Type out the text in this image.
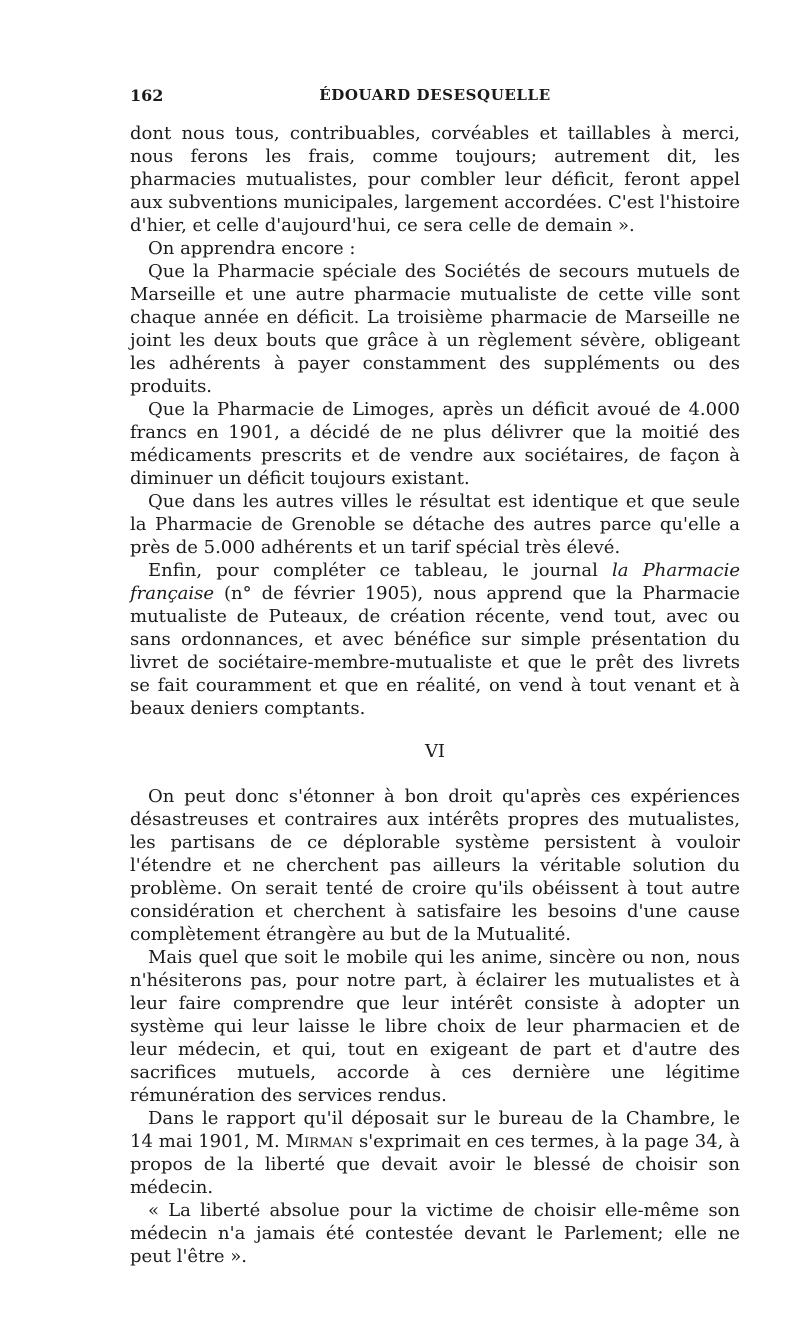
162	ÉDOUARD DESESQUELLE

dont nous tous, contribuables, corvéables et taillables à merci, nous ferons les frais, comme toujours; autrement dit, les pharmacies mutualistes, pour combler leur déficit, feront appel aux subventions municipales, largement accordées. C'est l'histoire d'hier, et celle d'aujourd'hui, ce sera celle de demain ».

On apprendra encore :

Que la Pharmacie spéciale des Sociétés de secours mutuels de Marseille et une autre pharmacie mutualiste de cette ville sont chaque année en déficit. La troisième pharmacie de Marseille ne joint les deux bouts que grâce à un règlement sévère, obligeant les adhérents à payer constamment des suppléments ou des produits.

Que la Pharmacie de Limoges, après un déficit avoué de 4.000 francs en 1901, a décidé de ne plus délivrer que la moitié des médicaments prescrits et de vendre aux sociétaires, de façon à diminuer un déficit toujours existant.

Que dans les autres villes le résultat est identique et que seule la Pharmacie de Grenoble se détache des autres parce qu'elle a près de 5.000 adhérents et un tarif spécial très élevé.

Enfin, pour compléter ce tableau, le journal la Pharmacie française (n° de février 1905), nous apprend que la Pharmacie mutualiste de Puteaux, de création récente, vend tout, avec ou sans ordonnances, et avec bénéfice sur simple présentation du livret de sociétaire-membre-mutualiste et que le prêt des livrets se fait couramment et que en réalité, on vend à tout venant et à beaux deniers comptants.

VI

On peut donc s'étonner à bon droit qu'après ces expériences désastreuses et contraires aux intérêts propres des mutualistes, les partisans de ce déplorable système persistent à vouloir l'étendre et ne cherchent pas ailleurs la véritable solution du problème. On serait tenté de croire qu'ils obéissent à tout autre considération et cherchent à satisfaire les besoins d'une cause complètement étrangère au but de la Mutualité.

Mais quel que soit le mobile qui les anime, sincère ou non, nous n'hésiterons pas, pour notre part, à éclairer les mutualistes et à leur faire comprendre que leur intérêt consiste à adopter un système qui leur laisse le libre choix de leur pharmacien et de leur médecin, et qui, tout en exigeant de part et d'autre des sacrifices mutuels, accorde à ces dernière une légitime rémunération des services rendus.

Dans le rapport qu'il déposait sur le bureau de la Chambre, le 14 mai 1901, M. Mirman s'exprimait en ces termes, à la page 34, à propos de la liberté que devait avoir le blessé de choisir son médecin.

« La liberté absolue pour la victime de choisir elle-même son médecin n'a jamais été contestée devant le Parlement; elle ne peut l'être ».
